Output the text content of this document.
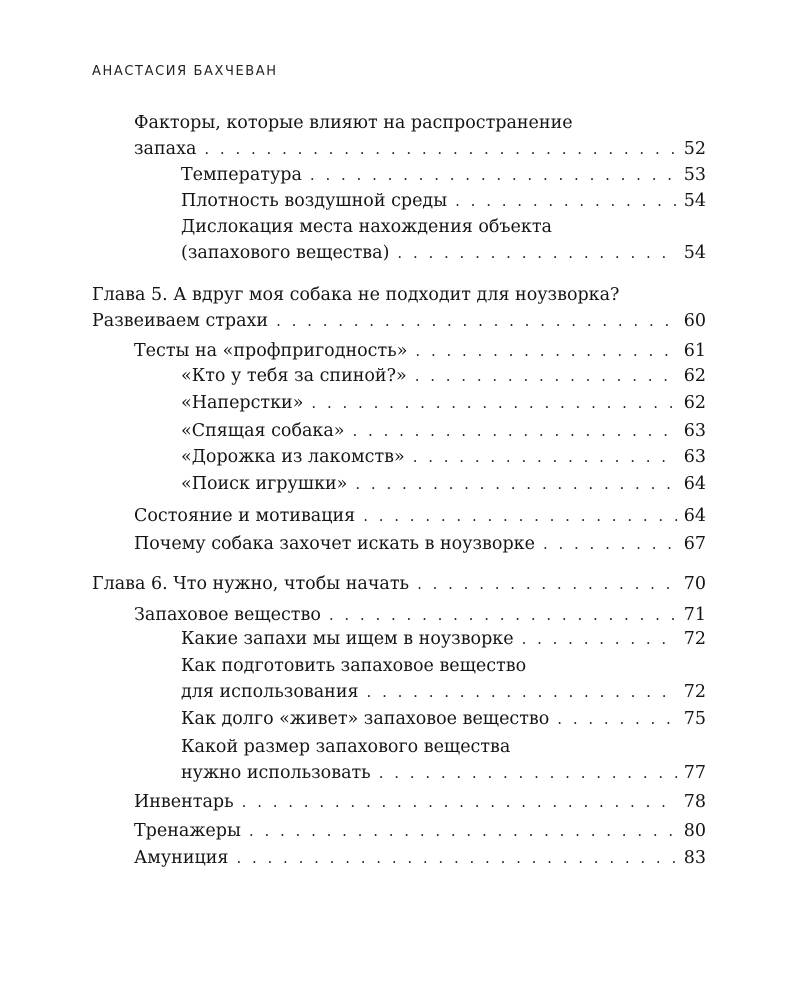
АНАСТАСИЯ БАХЧЕВАН
Факторы, которые влияют на распространение
запаха . . .	52
Температура . . .	53
Плотность воздушной среды . . .	54
Дислокация места нахождения объекта
(запахового вещества) . . .	54
Глава 5. А вдруг моя собака не подходит для ноузворка?
Развеиваем страхи . . .	60
Тесты на «профпригодность» . . .	61
«Кто у тебя за спиной?» . . .	62
«Наперстки» . . .	62
«Спящая собака» . . .	63
«Дорожка из лакомств» . . .	63
«Поиск игрушки» . . .	64
Состояние и мотивация . . .	64
Почему собака захочет искать в ноузворке . . .	67
Глава 6. Что нужно, чтобы начать . . .	70
Запаховое вещество . . .	71
Какие запахи мы ищем в ноузворке . . .	72
Как подготовить запаховое вещество
для использования . . .	72
Как долго «живет» запаховое вещество . . .	75
Какой размер запахового вещества
нужно использовать . . .	77
Инвентарь . . .	78
Тренажеры . . .	80
Амуниция . . .	83
